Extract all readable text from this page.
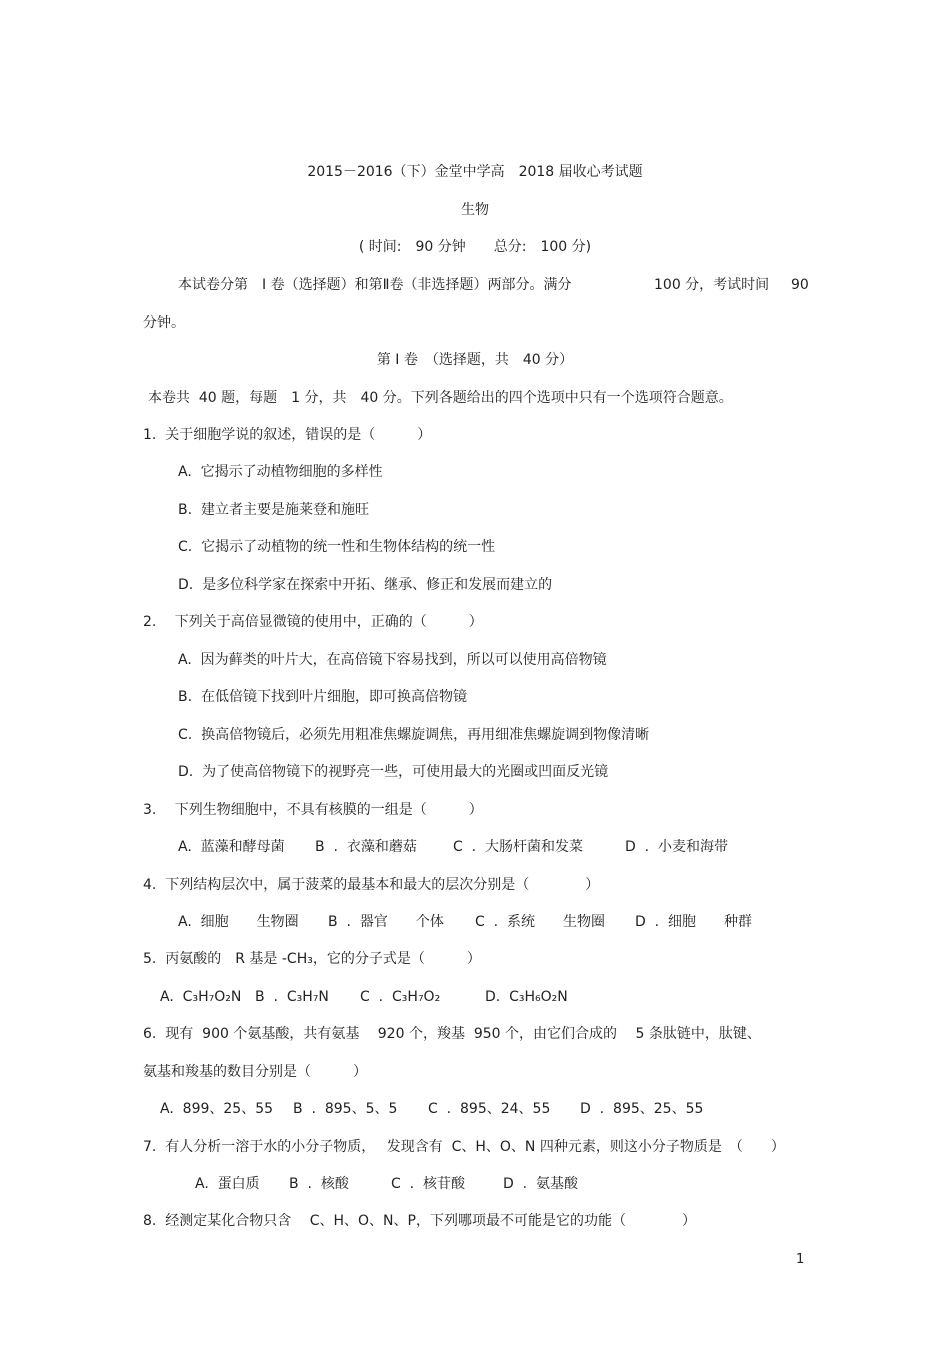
2015－2016（下）金堂中学高　2018 届收心考试题
生物
( 时间:　90 分钟　　总分:　100 分)
本试卷分第　Ⅰ 卷（选择题）和第Ⅱ卷（非选择题）两部分。满分	100 分，考试时间 90
分钟。
第 Ⅰ 卷　（选择题，共　40 分）
本卷共  40 题，每题　1 分，共　40 分。下列各题给出的四个选项中只有一个选项符合题意。
1.  关于细胞学说的叙述，错误的是（　　　）
A.  它揭示了动植物细胞的多样性
B.  建立者主要是施莱登和施旺
C.  它揭示了动植物的统一性和生物体结构的统一性
D.  是多位科学家在探索中开拓、继承、修正和发展而建立的
2.　 下列关于高倍显微镜的使用中，正确的（　　　）
A.  因为藓类的叶片大，在高倍镜下容易找到，所以可以使用高倍物镜
B.  在低倍镜下找到叶片细胞，即可换高倍物镜
C.  换高倍物镜后，必须先用粗准焦螺旋调焦，再用细准焦螺旋调到物像清晰
D.  为了使高倍物镜下的视野亮一些，可使用最大的光圈或凹面反光镜
3.　 下列生物细胞中，不具有核膜的一组是（　　　）

A.  蓝藻和酵母菌

B  .  衣藻和蘑菇

	C  .  大肠杆菌和发菜

	D  .  小麦和海带

4.  下列结构层次中，属于菠菜的最基本和最大的层次分别是（　　　　）

A.  细胞　　生物圈

B  .  器官　　个体

C  .  系统　　生物圈

D  .  细胞　　种群

5.  丙氨酸的　R 基是 -CH₃，它的分子式是（　　　）

A.  C₃H₇O₂N

B  .  C₃H₇N

C  .  C₃H₇O₂

	D.  C₃H₆O₂N

6.  现有  900 个氨基酸，共有氨基　 920 个，羧基  950 个，由它们合成的　 5 条肽链中，肽键、
氨基和羧基的数目分别是（　　　）

A.  899、25、55

B  .  895、5、5

C  .  895、24、55

D  .  895、25、55

7.  有人分析一溶于水的小分子物质，　 发现含有  C、H、O、N 四种元素，则这小分子物质是　（　　）

A.  蛋白质

B  .  核酸

	C  .  核苷酸

	D  .  氨基酸

8.  经测定某化合物只含　 C、H、O、N、P，下列哪项最不可能是它的功能（　　　　）
1
